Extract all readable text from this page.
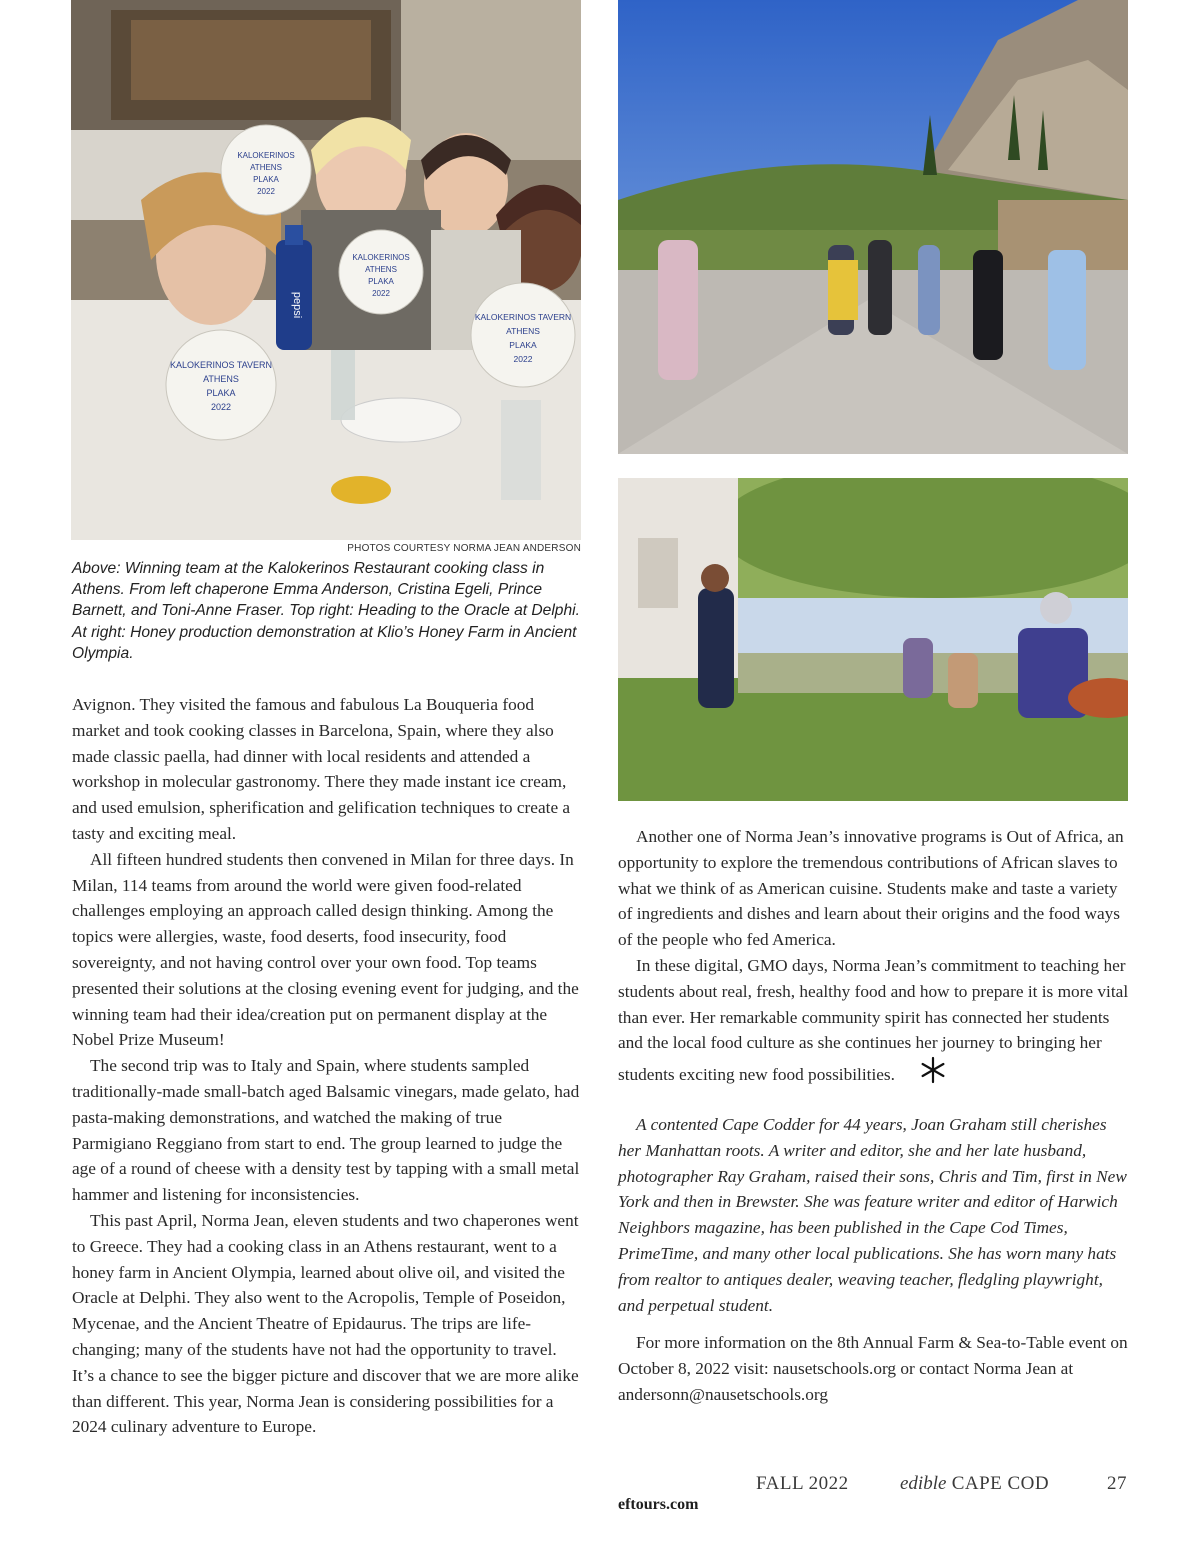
pepsi
KALOKERINOS TAVERN
ATHENS
PLAKA
2022
KALOKERINOS
ATHENS
PLAKA
2022
KALOKERINOS
ATHENS
PLAKA
2022
KALOKERINOS TAVERN
ATHENS
PLAKA
2022
PHOTOS COURTESY NORMA JEAN ANDERSON

Above: Winning team at the Kalokerinos Restaurant cooking class in Athens. From left chaperone Emma Anderson, Cristina Egeli, Prince Barnett, and Toni-Anne Fraser. Top right: Heading to the Oracle at Delphi. At right: Honey production demonstration at Klio’s Honey Farm in Ancient Olympia.

Avignon. They visited the famous and fabulous La Bouqueria food market and took cooking classes in Barcelona, Spain, where they also made classic paella, had dinner with local residents and attended a workshop in molecular gastronomy. There they made instant ice cream, and used emulsion, spherification and gelification techniques to create a tasty and exciting meal.

All fifteen hundred students then convened in Milan for three days. In Milan, 114 teams from around the world were given food-related challenges employing an approach called design thinking. Among the topics were allergies, waste, food deserts, food insecurity, food sovereignty, and not having control over your own food. Top teams presented their solutions at the closing evening event for judging, and the winning team had their idea/creation put on permanent display at the Nobel Prize Museum!

The second trip was to Italy and Spain, where students sampled traditionally-made small-batch aged Balsamic vinegars, made gelato, had pasta-making demonstrations, and watched the making of true Parmigiano Reggiano from start to end. The group learned to judge the age of a round of cheese with a density test by tapping with a small metal hammer and listening for inconsistencies.

This past April, Norma Jean, eleven students and two chaperones went to Greece. They had a cooking class in an Athens restaurant, went to a honey farm in Ancient Olympia, learned about olive oil, and visited the Oracle at Delphi. They also went to the Acropolis, Temple of Poseidon, Mycenae, and the Ancient Theatre of Epidaurus. The trips are life-changing; many of the students have not had the opportunity to travel. It’s a chance to see the bigger picture and discover that we are more alike than different. This year, Norma Jean is considering possibilities for a 2024 culinary adventure to Europe.

Another one of Norma Jean’s innovative programs is Out of Africa, an opportunity to explore the tremendous contributions of African slaves to what we think of as American cuisine. Students make and taste a variety of ingredients and dishes and learn about their origins and the food ways of the people who fed America.

In these digital, GMO days, Norma Jean’s commitment to teaching her students about real, fresh, healthy food and how to prepare it is more vital than ever. Her remarkable community spirit has connected her students and the local food culture as she continues her journey to bringing her students exciting new food possibilities.

A contented Cape Codder for 44 years, Joan Graham still cherishes her Manhattan roots. A writer and editor, she and her late husband, photographer Ray Graham, raised their sons, Chris and Tim, first in New York and then in Brewster. She was feature writer and editor of Harwich Neighbors magazine, has been published in the Cape Cod Times, PrimeTime, and many other local publications. She has worn many hats from realtor to antiques dealer, weaving teacher, fledgling playwright, and perpetual student.

For more information on the 8th Annual Farm & Sea-to-Table event on October 8, 2022 visit: nausetschools.org or contact Norma Jean at andersonn@nausetschools.org

eftours.com
FALL 2022	edible CAPE COD	27
